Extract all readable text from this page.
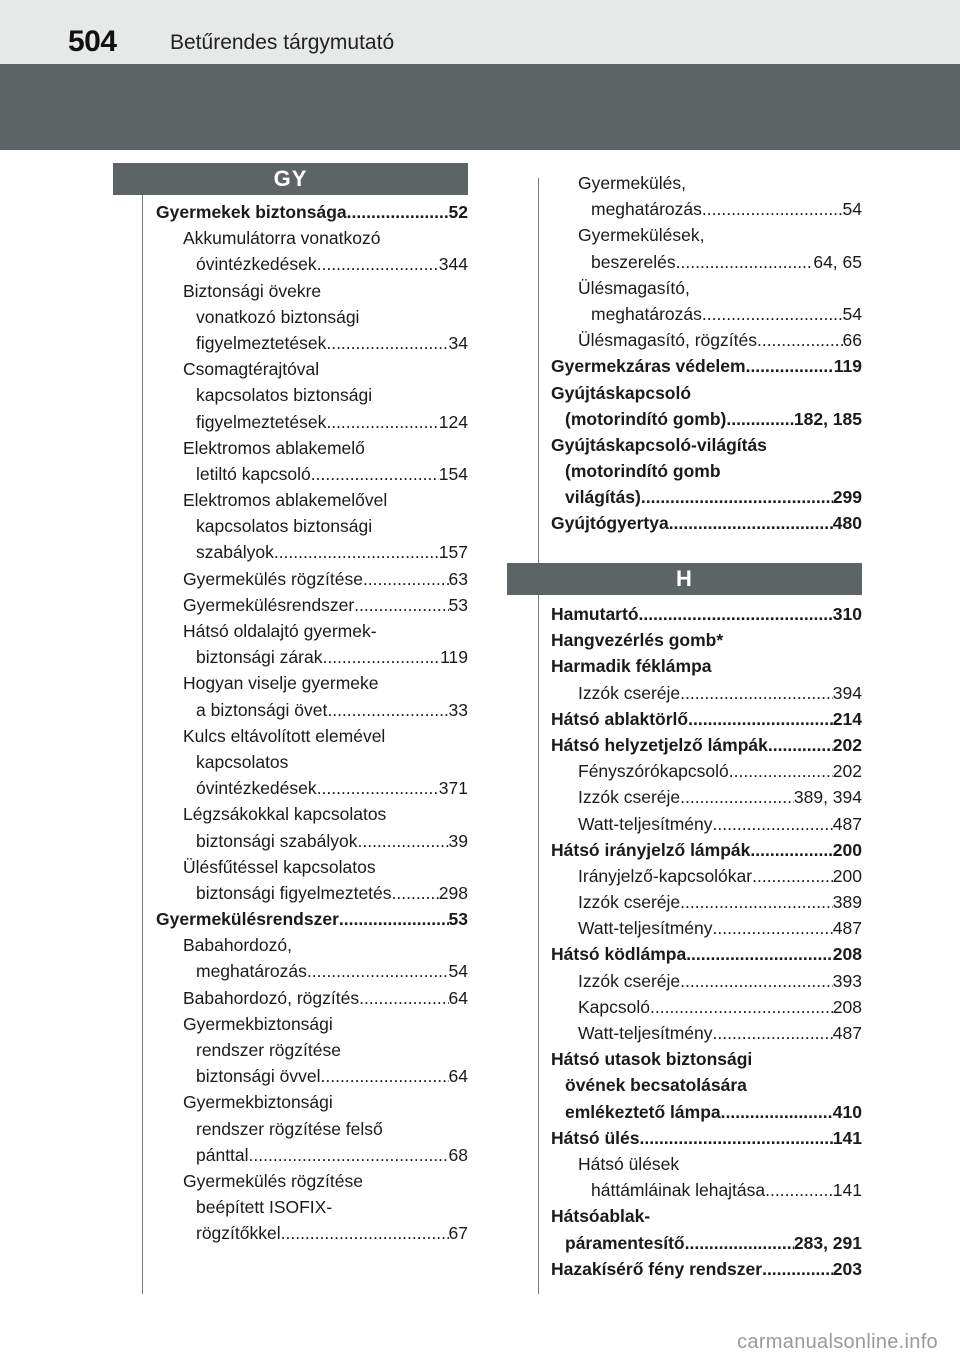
504	Betűrendes tárgymutató
GY
H
Gyermekek biztonsága .....	52
Akkumulátorra vonatkozó
óvintézkedések .....	344
Biztonsági övekre
vonatkozó biztonsági
figyelmeztetések .....	34
Csomagtérajtóval
kapcsolatos biztonsági
figyelmeztetések .....	124
Elektromos ablakemelő
letiltó kapcsoló .....	154
Elektromos ablakemelővel
kapcsolatos biztonsági
szabályok .....	157
Gyermekülés rögzítése .....	63
Gyermekülésrendszer .....	53
Hátsó oldalajtó gyermek-
biztonsági zárak .....	119
Hogyan viselje gyermeke
a biztonsági övet .....	33
Kulcs eltávolított elemével
kapcsolatos
óvintézkedések .....	371
Légzsákokkal kapcsolatos
biztonsági szabályok .....	39
Ülésfűtéssel kapcsolatos
biztonsági figyelmeztetés .....	298
Gyermekülésrendszer .....	53
Babahordozó,
meghatározás .....	54
Babahordozó, rögzítés .....	64
Gyermekbiztonsági
rendszer rögzítése
biztonsági övvel .....	64
Gyermekbiztonsági
rendszer rögzítése felső
pánttal .....	68
Gyermekülés rögzítése
beépített ISOFIX-
rögzítőkkel .....	67
Gyermekülés,
meghatározás .....	54
Gyermekülések,
beszerelés .....	64, 65
Ülésmagasító,
meghatározás .....	54
Ülésmagasító, rögzítés .....	66
Gyermekzáras védelem .....	119
Gyújtáskapcsoló
(motorindító gomb) .....	182, 185
Gyújtáskapcsoló-világítás
(motorindító gomb
világítás) .....	299
Gyújtógyertya .....	480
Hamutartó .....	310
Hangvezérlés gomb*
Harmadik féklámpa
Izzók cseréje .....	394
Hátsó ablaktörlő .....	214
Hátsó helyzetjelző lámpák .....	202
Fényszórókapcsoló .....	202
Izzók cseréje .....	389, 394
Watt-teljesítmény .....	487
Hátsó irányjelző lámpák .....	200
Irányjelző-kapcsolókar .....	200
Izzók cseréje .....	389
Watt-teljesítmény .....	487
Hátsó ködlámpa .....	208
Izzók cseréje .....	393
Kapcsoló .....	208
Watt-teljesítmény .....	487
Hátsó utasok biztonsági
övének becsatolására
emlékeztető lámpa .....	410
Hátsó ülés .....	141
Hátsó ülések
háttámláinak lehajtása .....	141
Hátsóablak-
páramentesítő .....	283, 291
Hazakísérő fény rendszer .....	203
carmanualsonline.info
